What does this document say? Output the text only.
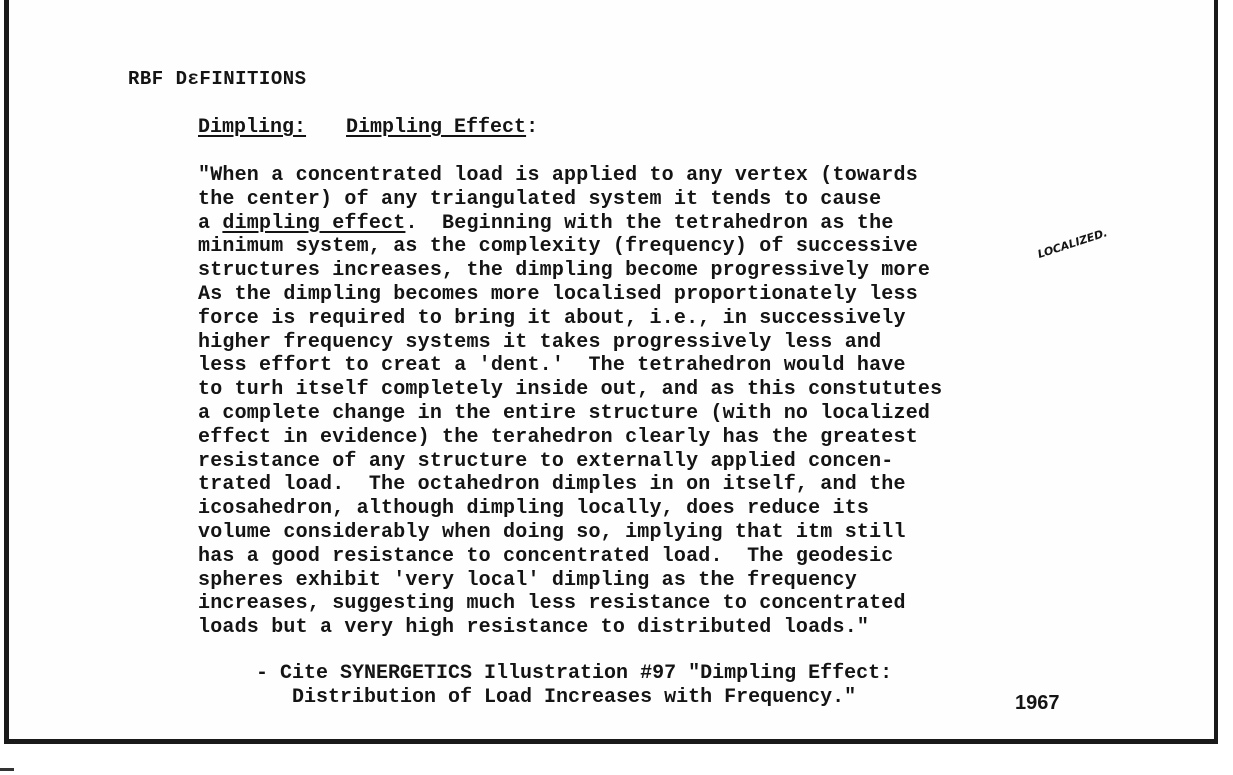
RBF DεFINITIONS
Dimpling: Dimpling Effect:
"When a concentrated load is applied to any vertex (towards
the center) of any triangulated system it tends to cause
a dimpling effect.  Beginning with the tetrahedron as the
minimum system, as the complexity (frequency) of successive
structures increases, the dimpling become progressively more
As the dimpling becomes more localised proportionately less
force is required to bring it about, i.e., in successively
higher frequency systems it takes progressively less and
less effort to creat a 'dent.'  The tetrahedron would have
to turh itself completely inside out, and as this constututes
a complete change in the entire structure (with no localized
effect in evidence) the terahedron clearly has the greatest
resistance of any structure to externally applied concen-
trated load.  The octahedron dimples in on itself, and the
icosahedron, although dimpling locally, does reduce its
volume considerably when doing so, implying that itm still
has a good resistance to concentrated load.  The geodesic
spheres exhibit 'very local' dimpling as the frequency
increases, suggesting much less resistance to concentrated
loads but a very high resistance to distributed loads."
LOCALIZED.
- Cite SYNERGETICS Illustration #97 "Dimpling Effect:
Distribution of Load Increases with Frequency."	1967
